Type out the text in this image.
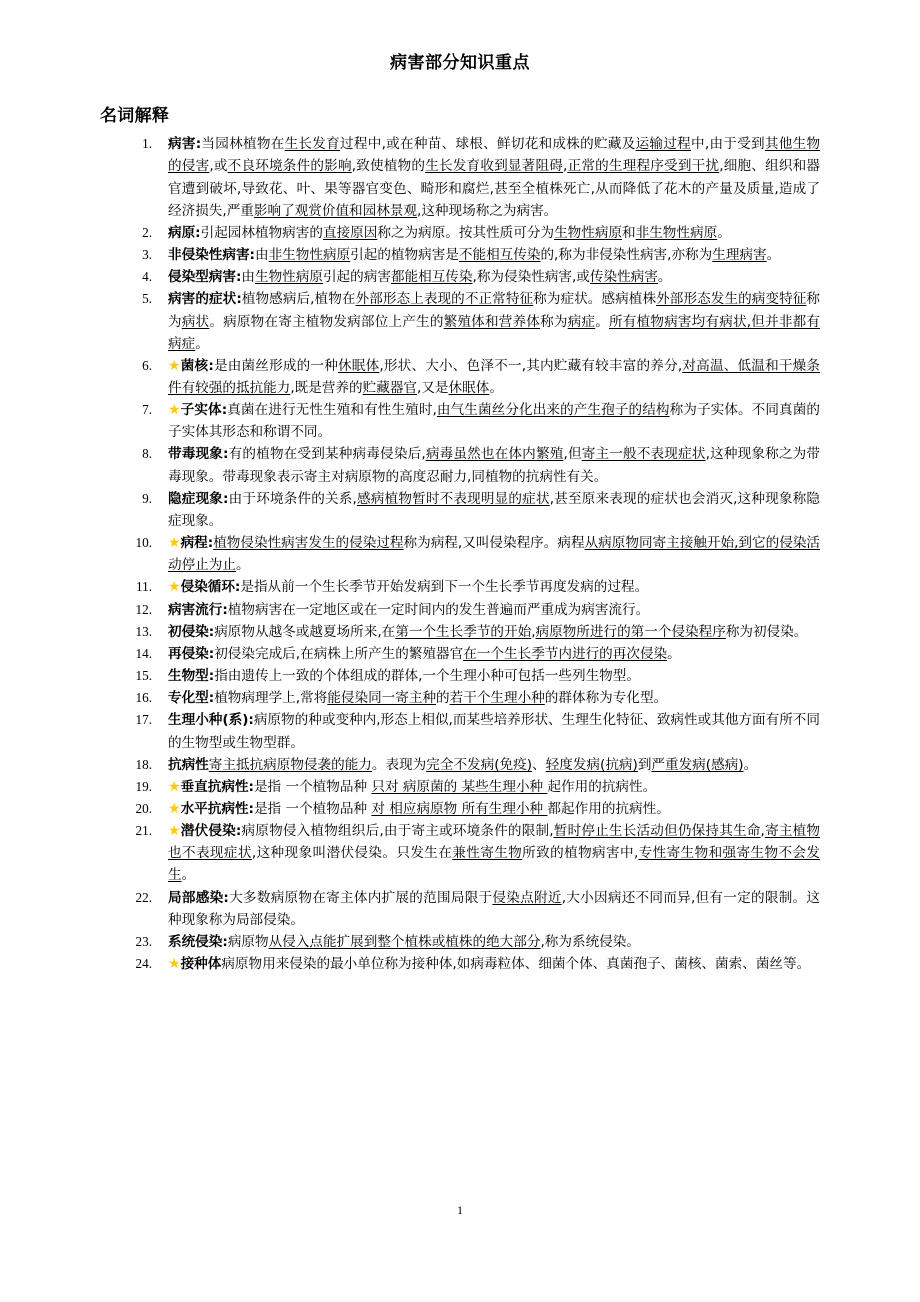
病害部分知识重点
名词解释
病害:当园林植物在生长发育过程中,或在种苗、球根、鲜切花和成株的贮藏及运输过程中,由于受到其他生物的侵害,或不良环境条件的影响,致使植物的生长发育收到显著阻碍,正常的生理程序受到干扰,细胞、组织和器官遭到破坏,导致花、叶、果等器官变色、畸形和腐烂,甚至全植株死亡,从而降低了花木的产量及质量,造成了经济损失,严重影响了观赏价值和园林景观,这种现场称之为病害。
病原:引起园林植物病害的直接原因称之为病原。按其性质可分为生物性病原和非生物性病原。
非侵染性病害:由非生物性病原引起的植物病害是不能相互传染的,称为非侵染性病害,亦称为生理病害。
侵染型病害:由生物性病原引起的病害都能相互传染,称为侵染性病害,或传染性病害。
病害的症状:植物感病后,植物在外部形态上表现的不正常特征称为症状。感病植株外部形态发生的病变特征称为病状。病原物在寄主植物发病部位上产生的繁殖体和营养体称为病症。所有植物病害均有病状,但并非都有病症。
★菌核:是由菌丝形成的一种休眠体,形状、大小、色泽不一,其内贮藏有较丰富的养分,对高温、低温和干燥条件有较强的抵抗能力,既是营养的贮藏器官,又是休眠体。
★子实体:真菌在进行无性生殖和有性生殖时,由气生菌丝分化出来的产生孢子的结构称为子实体。不同真菌的子实体其形态和称谓不同。
带毒现象:有的植物在受到某种病毒侵染后,病毒虽然也在体内繁殖,但寄主一般不表现症状,这种现象称之为带毒现象。带毒现象表示寄主对病原物的高度忍耐力,同植物的抗病性有关。
隐症现象:由于环境条件的关系,感病植物暂时不表现明显的症状,甚至原来表现的症状也会消灭,这种现象称隐症现象。
★病程:植物侵染性病害发生的侵染过程称为病程,又叫侵染程序。病程从病原物同寄主接触开始,到它的侵染活动停止为止。
★侵染循环:是指从前一个生长季节开始发病到下一个生长季节再度发病的过程。
病害流行:植物病害在一定地区或在一定时间内的发生普遍而严重成为病害流行。
初侵染:病原物从越冬或越夏场所来,在第一个生长季节的开始,病原物所进行的第一个侵染程序称为初侵染。
再侵染:初侵染完成后,在病株上所产生的繁殖器官在一个生长季节内进行的再次侵染。
生物型:指由遗传上一致的个体组成的群体,一个生理小种可包括一些列生物型。
专化型:植物病理学上,常将能侵染同一寄主种的若干个生理小种的群体称为专化型。
生理小种(系):病原物的种或变种内,形态上相似,而某些培养形状、生理生化特征、致病性或其他方面有所不同的生物型或生物型群。
抗病性寄主抵抗病原物侵袭的能力。表现为完全不发病(免疫)、轻度发病(抗病)到严重发病(感病)。
★垂直抗病性:是指 一个植物品种 只对 病原菌的 某些生理小种 起作用的抗病性。
★水平抗病性:是指 一个植物品种 对 相应病原物 所有生理小种 都起作用的抗病性。
★潜伏侵染:病原物侵入植物组织后,由于寄主或环境条件的限制,暂时停止生长活动但仍保持其生命,寄主植物也不表现症状,这种现象叫潜伏侵染。只发生在兼性寄生物所致的植物病害中,专性寄生物和强寄生物不会发生。
局部感染:大多数病原物在寄主体内扩展的范围局限于侵染点附近,大小因病还不同而异,但有一定的限制。这种现象称为局部侵染。
系统侵染:病原物从侵入点能扩展到整个植株或植株的绝大部分,称为系统侵染。
★接种体病原物用来侵染的最小单位称为接种体,如病毒粒体、细菌个体、真菌孢子、菌核、菌索、菌丝等。
1
